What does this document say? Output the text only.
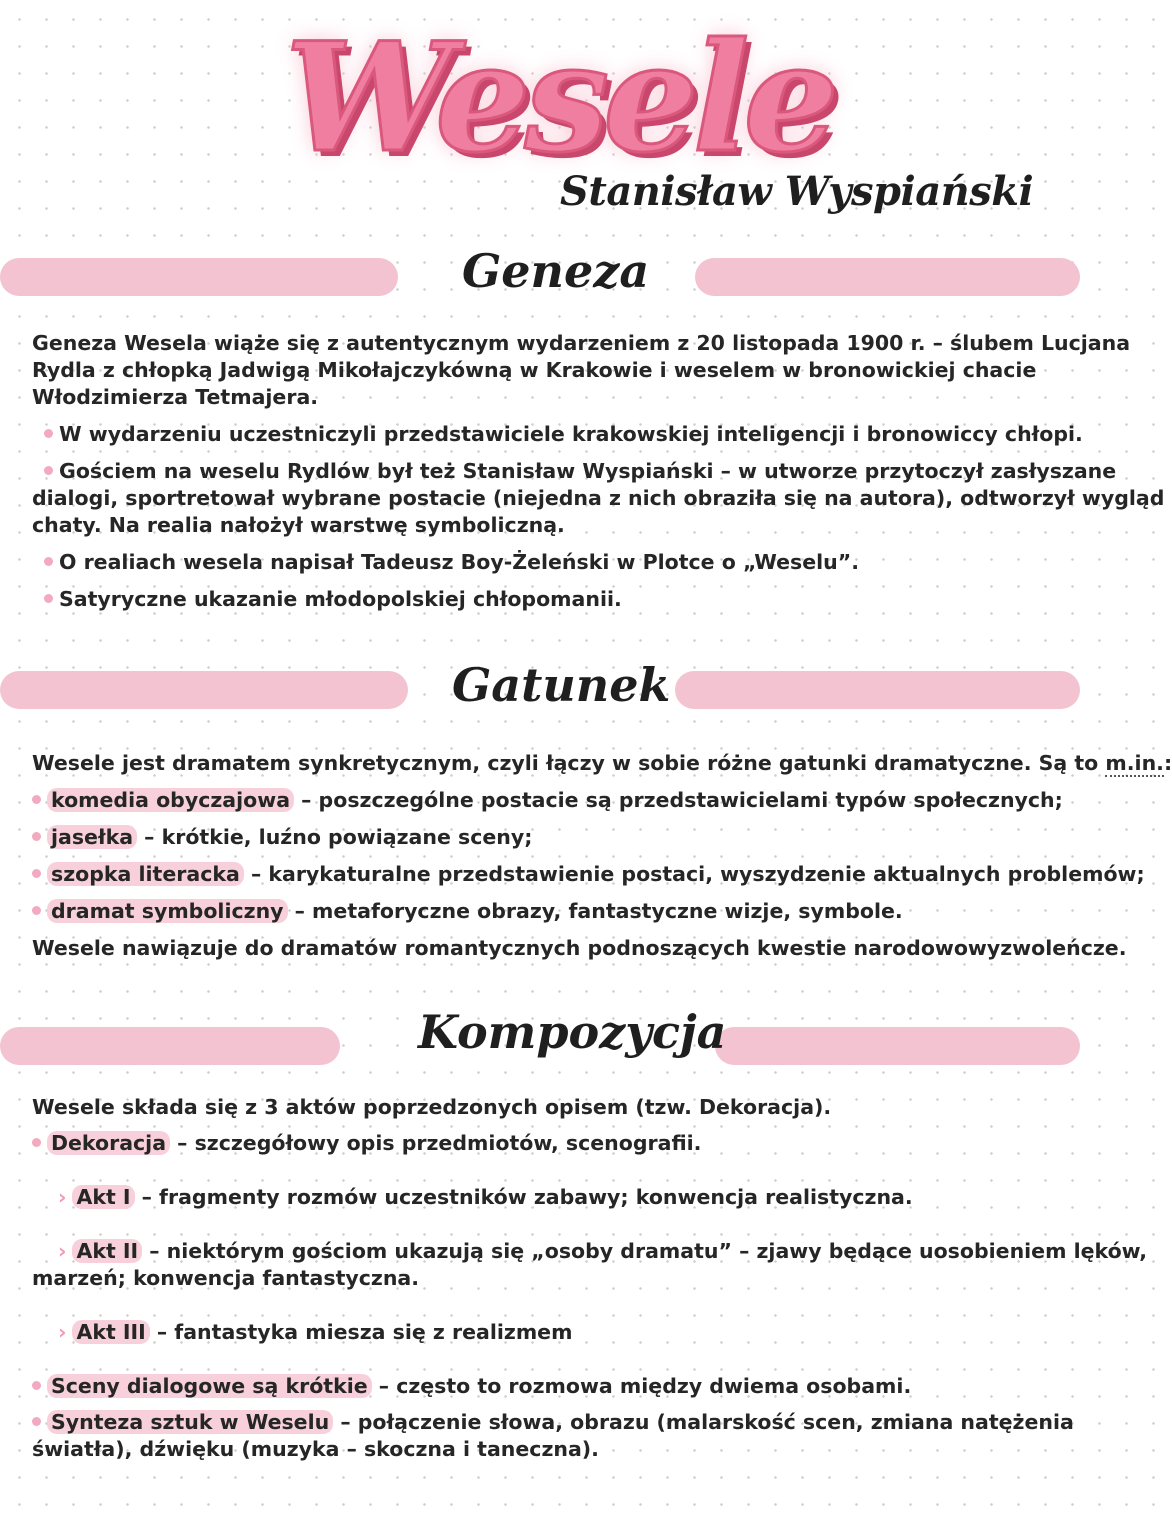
Wesele
Stanisław Wyspiański
Geneza
Geneza Wesela wiąże się z autentycznym wydarzeniem z 20 listopada 1900 r. – ślubem Lucjana
Rydla z chłopką Jadwigą Mikołajczykówną w Krakowie i weselem w bronowickiej chacie
Włodzimierza Tetmajera.
W wydarzeniu uczestniczyli przedstawiciele krakowskiej inteligencji i bronowiccy chłopi.
Gościem na weselu Rydlów był też Stanisław Wyspiański – w utworze przytoczył zasłyszane
dialogi, sportretował wybrane postacie (niejedna z nich obraziła się na autora), odtworzył wygląd
chaty. Na realia nałożył warstwę symboliczną.
O realiach wesela napisał Tadeusz Boy-Żeleński w Plotce o „Weselu”.
Satyryczne ukazanie młodopolskiej chłopomanii.
Gatunek
Wesele jest dramatem synkretycznym, czyli łączy w sobie różne gatunki dramatyczne. Są to m.in.:
komedia obyczajowa – poszczególne postacie są przedstawicielami typów społecznych;
jasełka – krótkie, luźno powiązane sceny;
szopka literacka – karykaturalne przedstawienie postaci, wyszydzenie aktualnych problemów;
dramat symboliczny – metaforyczne obrazy, fantastyczne wizje, symbole.
Wesele nawiązuje do dramatów romantycznych podnoszących kwestie narodowowyzwoleńcze.
Kompozycja
Wesele składa się z 3 aktów poprzedzonych opisem (tzw. Dekoracja).
Dekoracja – szczegółowy opis przedmiotów, scenografii.
› Akt I – fragmenty rozmów uczestników zabawy; konwencja realistyczna.
› Akt II – niektórym gościom ukazują się „osoby dramatu” – zjawy będące uosobieniem lęków,
marzeń; konwencja fantastyczna.
› Akt III – fantastyka miesza się z realizmem
Sceny dialogowe są krótkie – często to rozmowa między dwiema osobami.
Synteza sztuk w Weselu – połączenie słowa, obrazu (malarskość scen, zmiana natężenia
światła), dźwięku (muzyka – skoczna i taneczna).
